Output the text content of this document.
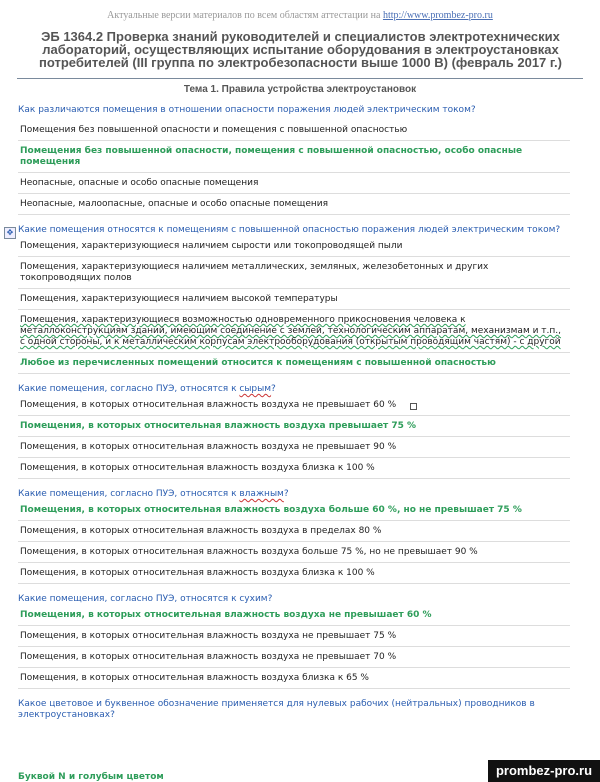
Актуальные версии материалов по всем областям аттестации на http://www.prombez-pro.ru
ЭБ 1364.2 Проверка знаний руководителей и специалистов электротехнических лабораторий, осуществляющих испытание оборудования в электроустановках потребителей (III группа по электробезопасности выше 1000 В) (февраль 2017 г.)
Тема 1. Правила устройства электроустановок
✥
Как различаются помещения в отношении опасности поражения людей электрическим током?
Помещения без повышенной опасности и помещения с повышенной опасностью
Помещения без повышенной опасности, помещения с повышенной опасностью, особо опасные помещения
Неопасные, опасные и особо опасные помещения
Неопасные, малоопасные, опасные и особо опасные помещения
Какие помещения относятся к помещениям с повышенной опасностью поражения людей электрическим током?
Помещения, характеризующиеся наличием сырости или токопроводящей пыли
Помещения, характеризующиеся наличием металлических, земляных, железобетонных и других токопроводящих полов
Помещения, характеризующиеся наличием высокой температуры
Помещения, характеризующиеся возможностью одновременного прикосновения человека к металлоконструкциям зданий, имеющим соединение с землей, технологическим аппаратам, механизмам и т.п., с одной стороны, и к металлическим корпусам электрооборудования (открытым проводящим частям) - с другой
Любое из перечисленных помещений относится к помещениям с повышенной опасностью
Какие помещения, согласно ПУЭ, относятся к сырым?
Помещения, в которых относительная влажность воздуха не превышает 60 %
Помещения, в которых относительная влажность воздуха превышает 75 %
Помещения, в которых относительная влажность воздуха не превышает 90 %
Помещения, в которых относительная влажность воздуха близка к 100 %
Какие помещения, согласно ПУЭ, относятся к влажным?
Помещения, в которых относительная влажность воздуха больше 60 %, но не превышает 75 %
Помещения, в которых относительная влажность воздуха в пределах 80 %
Помещения, в которых относительная влажность воздуха больше 75 %, но не превышает 90 %
Помещения, в которых относительная влажность воздуха близка к 100 %
Какие помещения, согласно ПУЭ, относятся к сухим?
Помещения, в которых относительная влажность воздуха не превышает 60 %
Помещения, в которых относительная влажность воздуха не превышает 75 %
Помещения, в которых относительная влажность воздуха не превышает 70 %
Помещения, в которых относительная влажность воздуха близка к 65 %
Какое цветовое и буквенное обозначение применяется для нулевых рабочих (нейтральных) проводников в электроустановках?
Буквой N и голубым цветом	prombez-pro.ru
